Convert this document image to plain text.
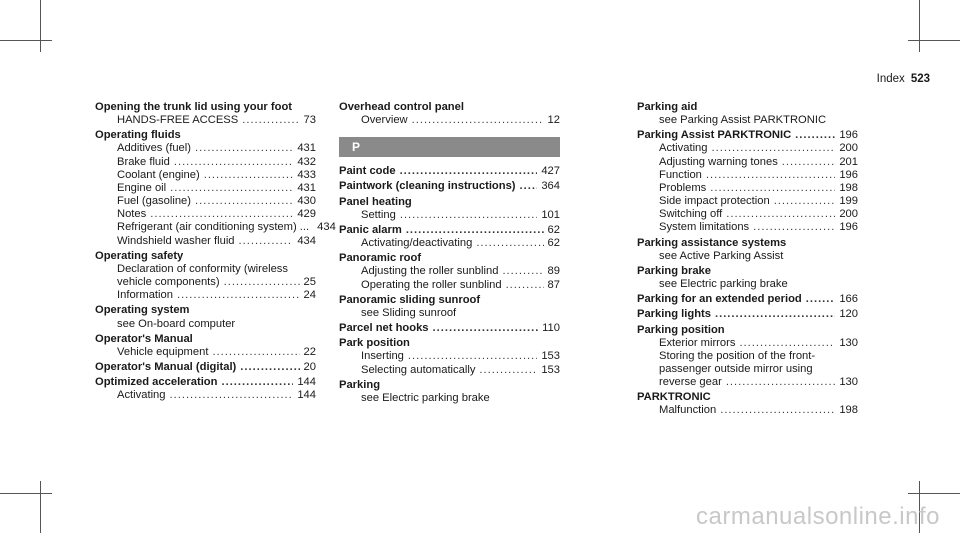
Index 523
Opening the trunk lid using your foot
HANDS-FREE ACCESS .....	73
Operating fluids
Additives (fuel) .....	431
Brake fluid .....	432
Coolant (engine) .....	433
Engine oil .....	431
Fuel (gasoline) .....	430
Notes .....	429
Refrigerant (air conditioning system) ... 434
Windshield washer fluid .....	434
Operating safety
Declaration of conformity (wireless
vehicle components) .....	25
Information .....	24
Operating system
see On-board computer
Operator's Manual
Vehicle equipment .....	22
Operator's Manual (digital) .....	20
Optimized acceleration .....	144
Activating .....	144
Overhead control panel
Overview .....	12
P
Paint code .....	427
Paintwork (cleaning instructions) ..... 364
Panel heating
Setting .....	101
Panic alarm .....	62
Activating/deactivating .....	62
Panoramic roof
Adjusting the roller sunblind .....	89
Operating the roller sunblind .....	87
Panoramic sliding sunroof
see Sliding sunroof
Parcel net hooks .....	110
Park position
Inserting .....	153
Selecting automatically .....	153
Parking
see Electric parking brake
Parking aid
see Parking Assist PARKTRONIC
Parking Assist PARKTRONIC .....	196
Activating .....	200
Adjusting warning tones .....	201
Function .....	196
Problems .....	198
Side impact protection .....	199
Switching off .....	200
System limitations .....	196
Parking assistance systems
see Active Parking Assist
Parking brake
see Electric parking brake
Parking for an extended period .....	166
Parking lights .....	120
Parking position
Exterior mirrors .....	130
Storing the position of the front-
passenger outside mirror using
reverse gear .....	130
PARKTRONIC
Malfunction .....	198
carmanualsonline.info
